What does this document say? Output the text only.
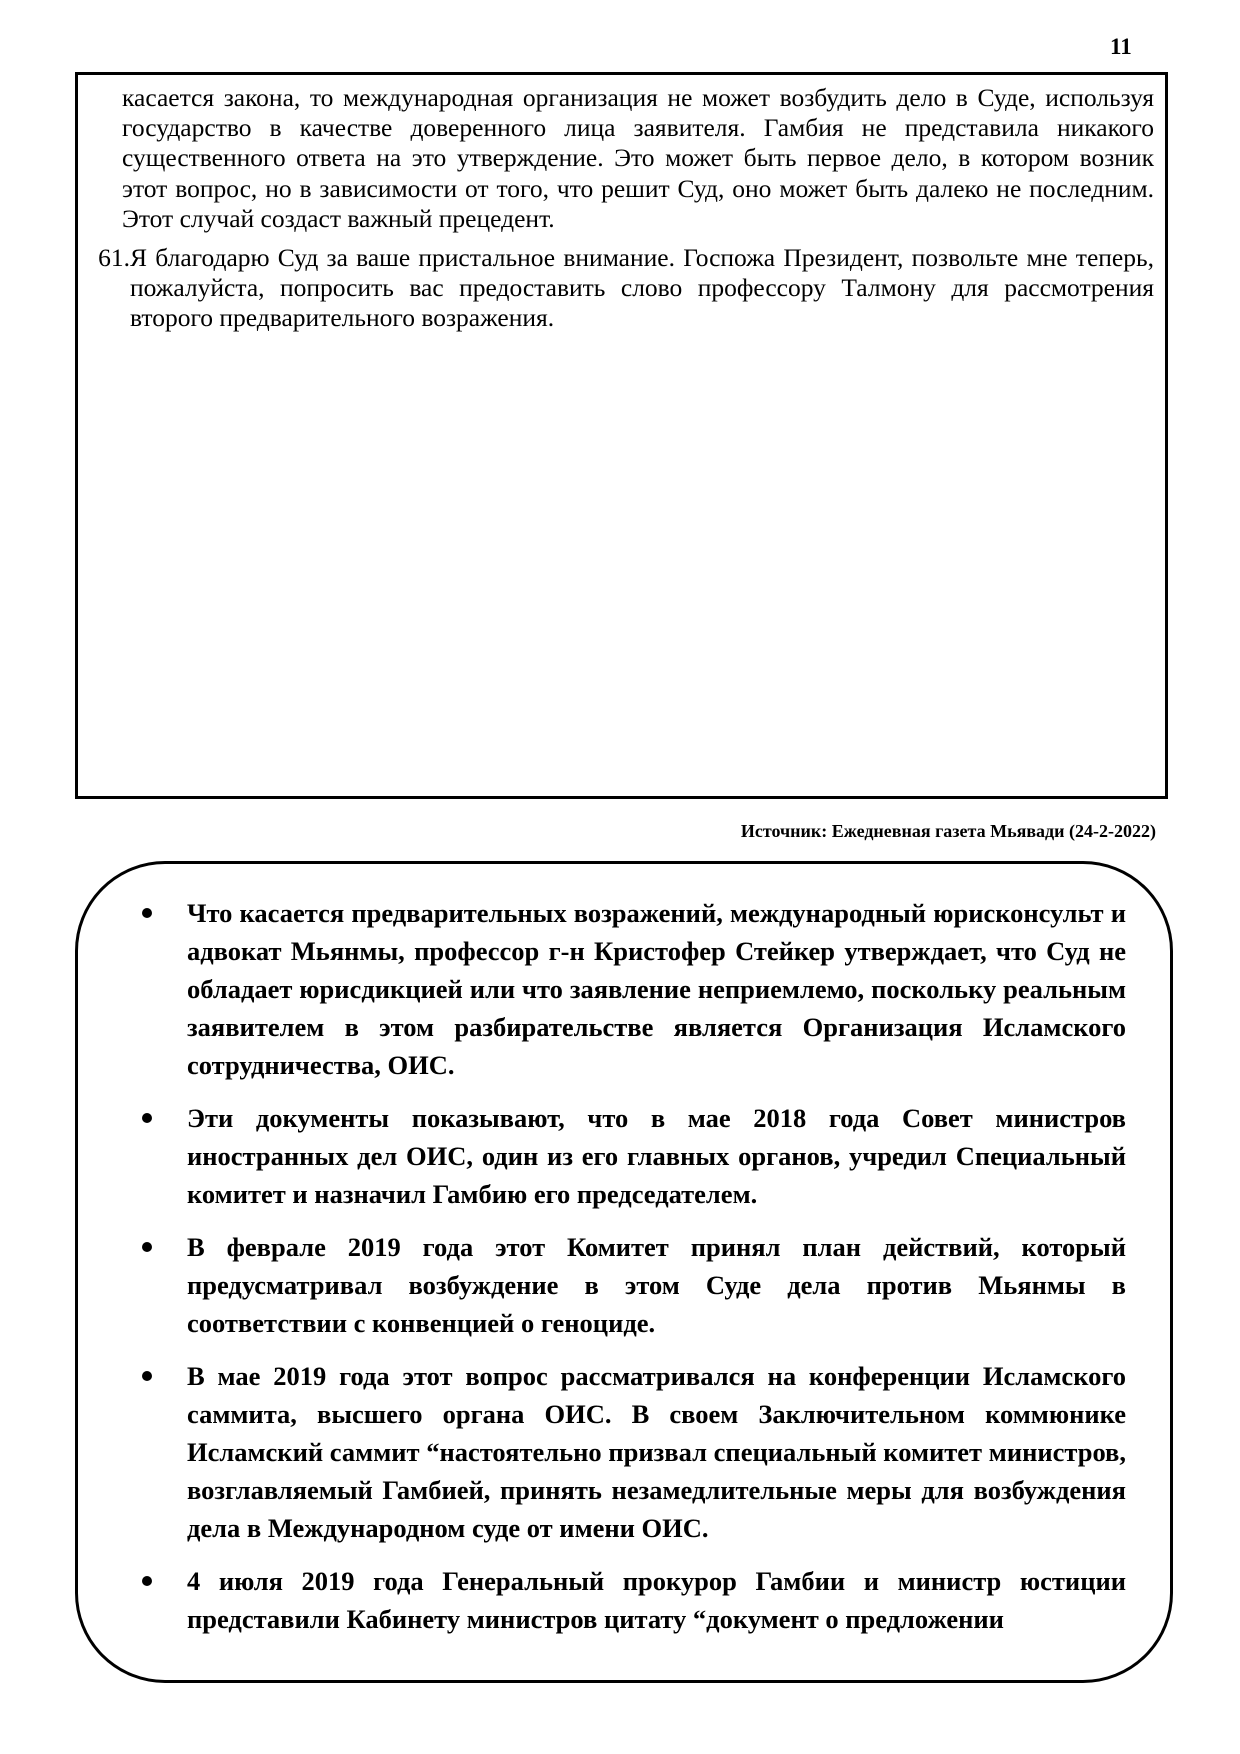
11

касается закона, то международная организация не может возбудить дело в Суде, используя государство в качестве доверенного лица заявителя. Гамбия не представила никакого существенного ответа на это утверждение. Это может быть первое дело, в котором возник этот вопрос, но в зависимости от того, что решит Суд, оно может быть далеко не последним. Этот случай создаст важный прецедент.

61. Я благодарю Суд за ваше пристальное внимание. Госпожа Президент, позвольте мне теперь, пожалуйста, попросить вас предоставить слово профессору Талмону для рассмотрения второго предварительного возражения.
Источник: Ежедневная газета Мьявади (24-2-2022)
Что касается предварительных возражений, международный юрисконсульт и адвокат Мьянмы, профессор г-н Кристофер Стейкер утверждает, что Суд не обладает юрисдикцией или что заявление неприемлемо, поскольку реальным заявителем в этом разбирательстве является Организация Исламского сотрудничества, ОИС.
Эти документы показывают, что в мае 2018 года Совет министров иностранных дел ОИС, один из его главных органов, учредил Специальный комитет и назначил Гамбию его председателем.
В феврале 2019 года этот Комитет принял план действий, который предусматривал возбуждение в этом Суде дела против Мьянмы в соответствии с конвенцией о геноциде.
В мае 2019 года этот вопрос рассматривался на конференции Исламского саммита, высшего органа ОИС. В своем Заключительном коммюнике Исламский саммит “настоятельно призвал специальный комитет министров, возглавляемый Гамбией, принять незамедлительные меры для возбуждения дела в Международном суде от имени ОИС.
4 июля 2019 года Генеральный прокурор Гамбии и министр юстиции представили Кабинету министров цитату “документ о предложении
